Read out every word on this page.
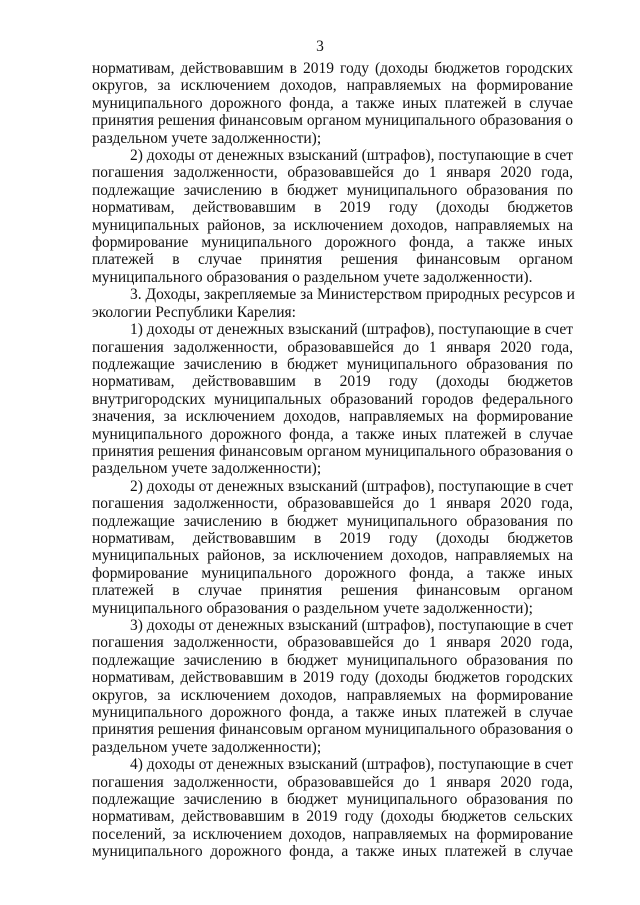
3
нормативам, действовавшим в 2019 году (доходы бюджетов городских
округов, за исключением доходов, направляемых на формирование
муниципального дорожного фонда, а также иных платежей в случае
принятия решения финансовым органом муниципального образования о
раздельном учете задолженности);
2) доходы от денежных взысканий (штрафов), поступающие в счет
погашения задолженности, образовавшейся до 1 января 2020 года,
подлежащие зачислению в бюджет муниципального образования по
нормативам, действовавшим в 2019 году (доходы бюджетов
муниципальных районов, за исключением доходов, направляемых на
формирование муниципального дорожного фонда, а также иных
платежей в случае принятия решения финансовым органом
муниципального образования о раздельном учете задолженности).
3. Доходы, закрепляемые за Министерством природных ресурсов и
экологии Республики Карелия:
1) доходы от денежных взысканий (штрафов), поступающие в счет
погашения задолженности, образовавшейся до 1 января 2020 года,
подлежащие зачислению в бюджет муниципального образования по
нормативам, действовавшим в 2019 году (доходы бюджетов
внутригородских муниципальных образований городов федерального
значения, за исключением доходов, направляемых на формирование
муниципального дорожного фонда, а также иных платежей в случае
принятия решения финансовым органом муниципального образования о
раздельном учете задолженности);
2) доходы от денежных взысканий (штрафов), поступающие в счет
погашения задолженности, образовавшейся до 1 января 2020 года,
подлежащие зачислению в бюджет муниципального образования по
нормативам, действовавшим в 2019 году (доходы бюджетов
муниципальных районов, за исключением доходов, направляемых на
формирование муниципального дорожного фонда, а также иных
платежей в случае принятия решения финансовым органом
муниципального образования о раздельном учете задолженности);
3) доходы от денежных взысканий (штрафов), поступающие в счет
погашения задолженности, образовавшейся до 1 января 2020 года,
подлежащие зачислению в бюджет муниципального образования по
нормативам, действовавшим в 2019 году (доходы бюджетов городских
округов, за исключением доходов, направляемых на формирование
муниципального дорожного фонда, а также иных платежей в случае
принятия решения финансовым органом муниципального образования о
раздельном учете задолженности);
4) доходы от денежных взысканий (штрафов), поступающие в счет
погашения задолженности, образовавшейся до 1 января 2020 года,
подлежащие зачислению в бюджет муниципального образования по
нормативам, действовавшим в 2019 году (доходы бюджетов сельских
поселений, за исключением доходов, направляемых на формирование
муниципального дорожного фонда, а также иных платежей в случае
